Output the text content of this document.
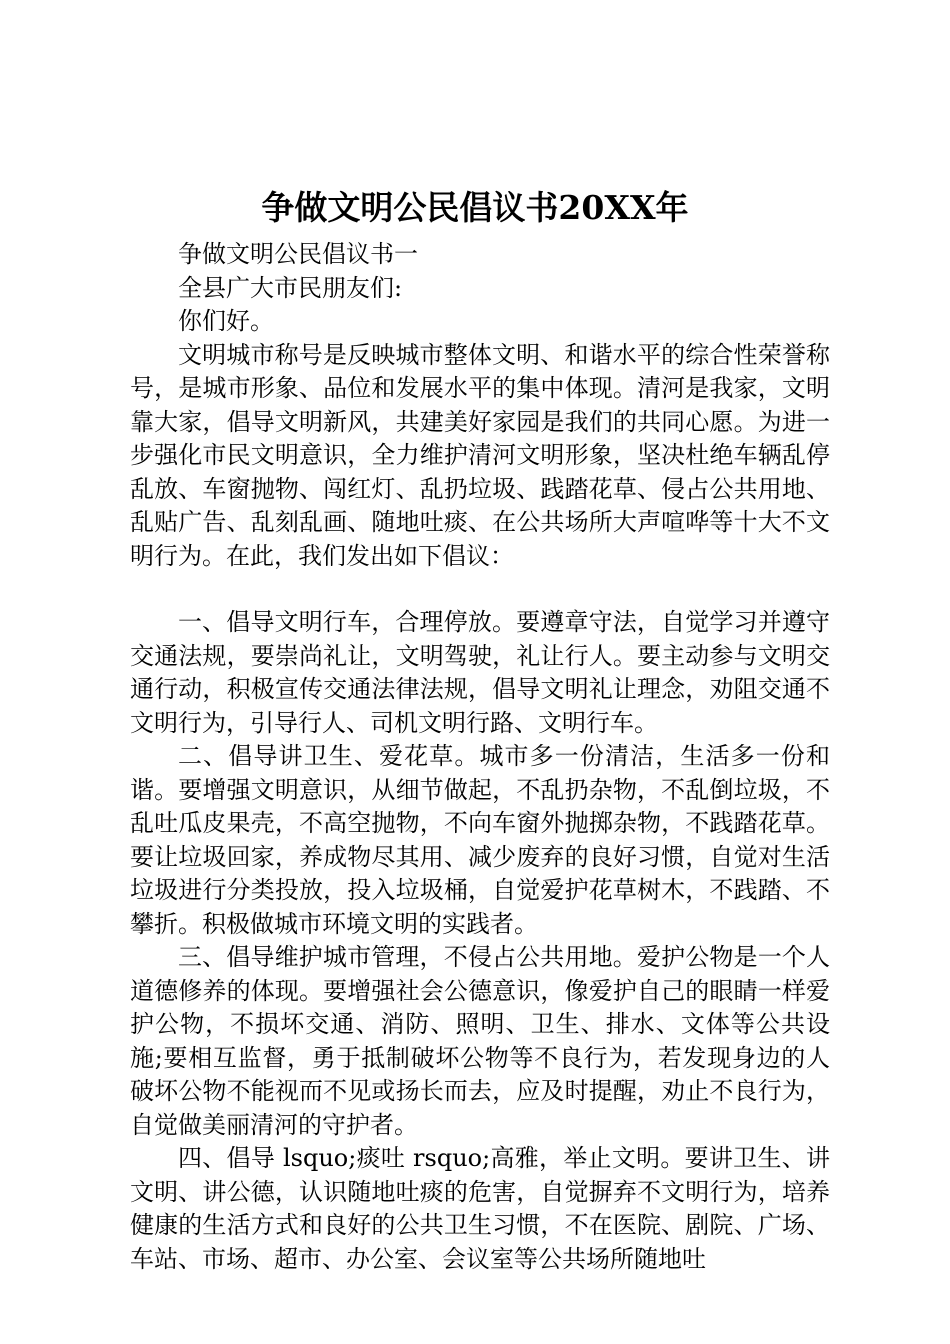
争做文明公民倡议书20XX年

争做文明公民倡议书一

全县广大市民朋友们:

你们好。

文明城市称号是反映城市整体文明、和谐水平的综合性荣誉称号，是城市形象、品位和发展水平的集中体现。清河是我家，文明靠大家，倡导文明新风，共建美好家园是我们的共同心愿。为进一步强化市民文明意识，全力维护清河文明形象，坚决杜绝车辆乱停乱放、车窗抛物、闯红灯、乱扔垃圾、践踏花草、侵占公共用地、乱贴广告、乱刻乱画、随地吐痰、在公共场所大声喧哗等十大不文明行为。在此，我们发出如下倡议：

一、倡导文明行车，合理停放。要遵章守法，自觉学习并遵守交通法规，要崇尚礼让，文明驾驶，礼让行人。要主动参与文明交通行动，积极宣传交通法律法规，倡导文明礼让理念，劝阻交通不文明行为，引导行人、司机文明行路、文明行车。

二、倡导讲卫生、爱花草。城市多一份清洁，生活多一份和谐。要增强文明意识，从细节做起，不乱扔杂物，不乱倒垃圾，不乱吐瓜皮果壳，不高空抛物，不向车窗外抛掷杂物，不践踏花草。要让垃圾回家，养成物尽其用、减少废弃的良好习惯，自觉对生活垃圾进行分类投放，投入垃圾桶，自觉爱护花草树木，不践踏、不攀折。积极做城市环境文明的实践者。

三、倡导维护城市管理，不侵占公共用地。爱护公物是一个人道德修养的体现。要增强社会公德意识，像爱护自己的眼睛一样爱护公物，不损坏交通、消防、照明、卫生、排水、文体等公共设施;要相互监督，勇于抵制破坏公物等不良行为，若发现身边的人破坏公物不能视而不见或扬长而去，应及时提醒，劝止不良行为，自觉做美丽清河的守护者。

四、倡导 lsquo;痰吐 rsquo;高雅，举止文明。要讲卫生、讲文明、讲公德，认识随地吐痰的危害，自觉摒弃不文明行为，培养健康的生活方式和良好的公共卫生习惯，不在医院、剧院、广场、车站、市场、超市、办公室、会议室等公共场所随地吐
